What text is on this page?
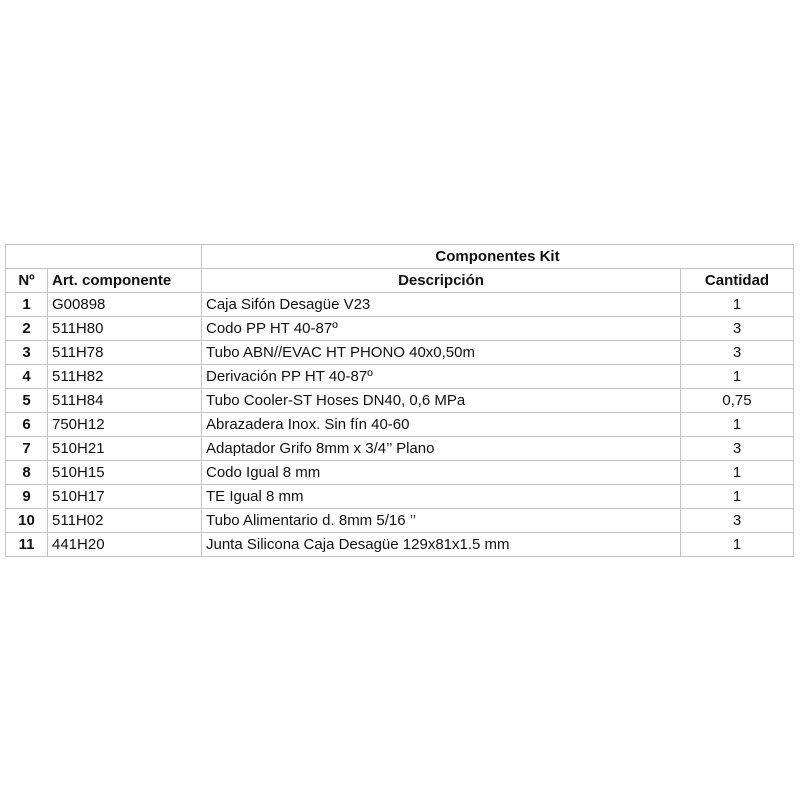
		Componentes Kit	
Nº	Art. componente	Descripción	Cantidad
1	G00898	Caja Sifón Desagüe V23	1
2	511H80	Codo PP HT 40-87º	3
3	511H78	Tubo ABN//EVAC HT PHONO 40x0,50m	3
4	511H82	Derivación PP HT 40-87º	1
5	511H84	Tubo Cooler-ST Hoses DN40, 0,6 MPa	0,75
6	750H12	Abrazadera Inox. Sin fín 40-60	1
7	510H21	Adaptador Grifo 8mm x 3/4’’ Plano	3
8	510H15	Codo Igual 8 mm	1
9	510H17	TE Igual 8 mm	1
10	511H02	Tubo Alimentario d. 8mm 5/16 ’’	3
11	441H20	Junta Silicona Caja Desagüe 129x81x1.5 mm	1
